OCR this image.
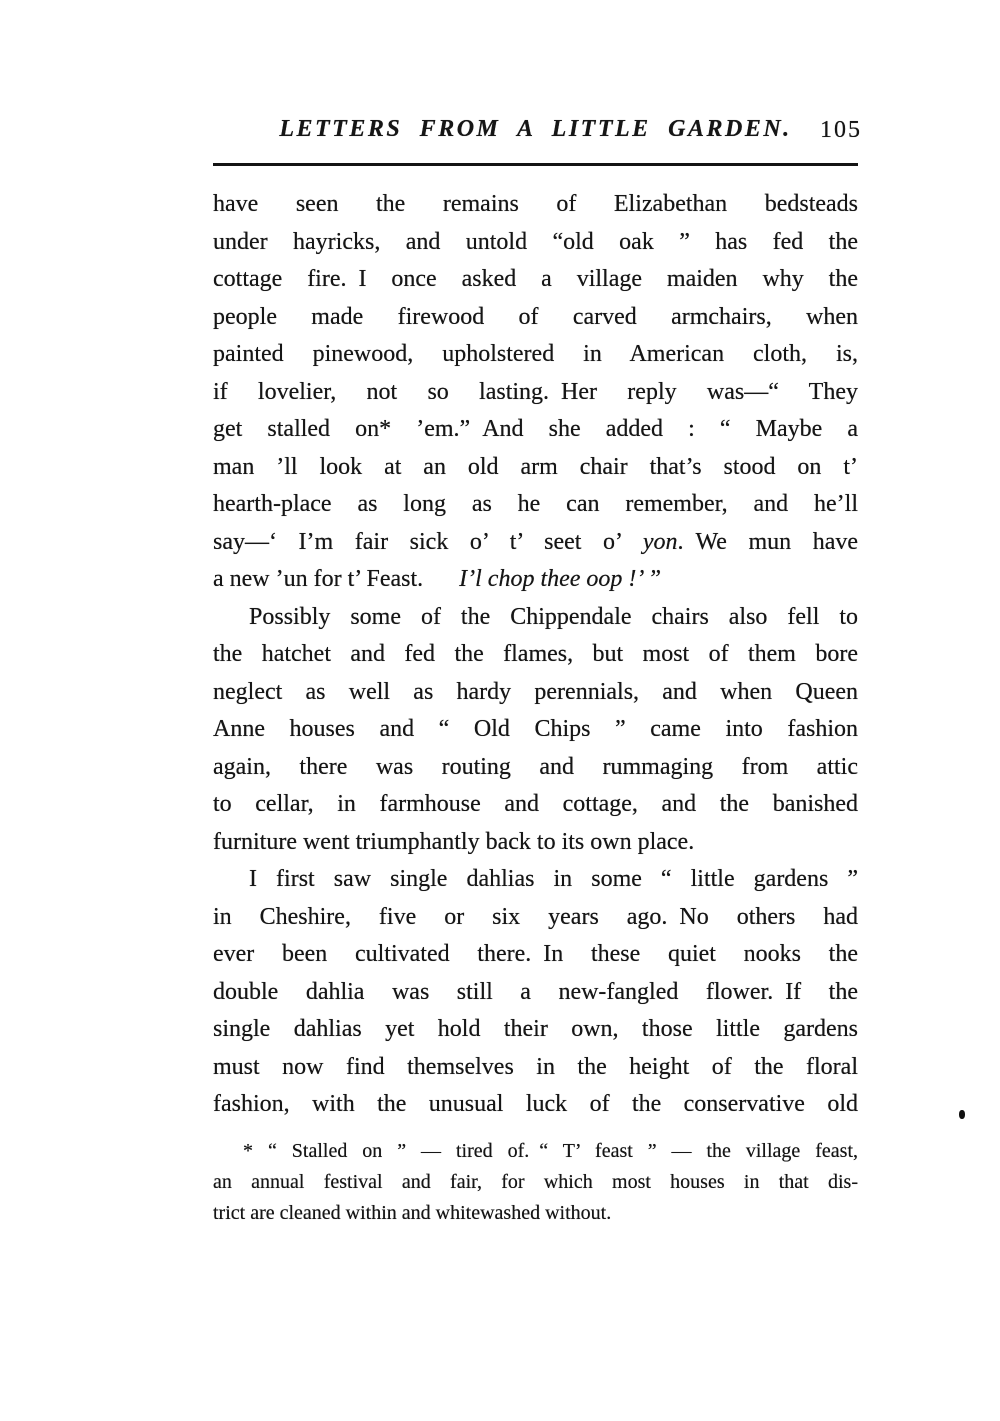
LETTERS FROM A LITTLE GARDEN.	105
have seen the remains of Elizabethan bedsteads
under hayricks, and untold “old oak ” has fed the
cottage fire. I once asked a village maiden why the
people made firewood of carved armchairs, when
painted pinewood, upholstered in American cloth, is,
if lovelier, not so lasting. Her reply was—“ They
get stalled on* ’em.” And she added : “ Maybe a
man ’ll look at an old arm chair that’s stood on t’
hearth-place as long as he can remember, and he’ll
say—‘ I’m fair sick o’ t’ seet o’ yon. We mun have
a new ’un for t’ Feast.  I’l chop thee oop !’ ”
Possibly some of the Chippendale chairs also fell to
the hatchet and fed the flames, but most of them bore
neglect as well as hardy perennials, and when Queen
Anne houses and “ Old Chips ” came into fashion
again, there was routing and rummaging from attic
to cellar, in farmhouse and cottage, and the banished
furniture went triumphantly back to its own place.
I first saw single dahlias in some “ little gardens ”
in Cheshire, five or six years ago. No others had
ever been cultivated there. In these quiet nooks the
double dahlia was still a new-fangled flower. If the
single dahlias yet hold their own, those little gardens
must now find themselves in the height of the floral
fashion, with the unusual luck of the conservative old
* “ Stalled on ” — tired of. “ T’ feast ” — the village feast,
an annual festival and fair, for which most houses in that dis-
trict are cleaned within and whitewashed without.
